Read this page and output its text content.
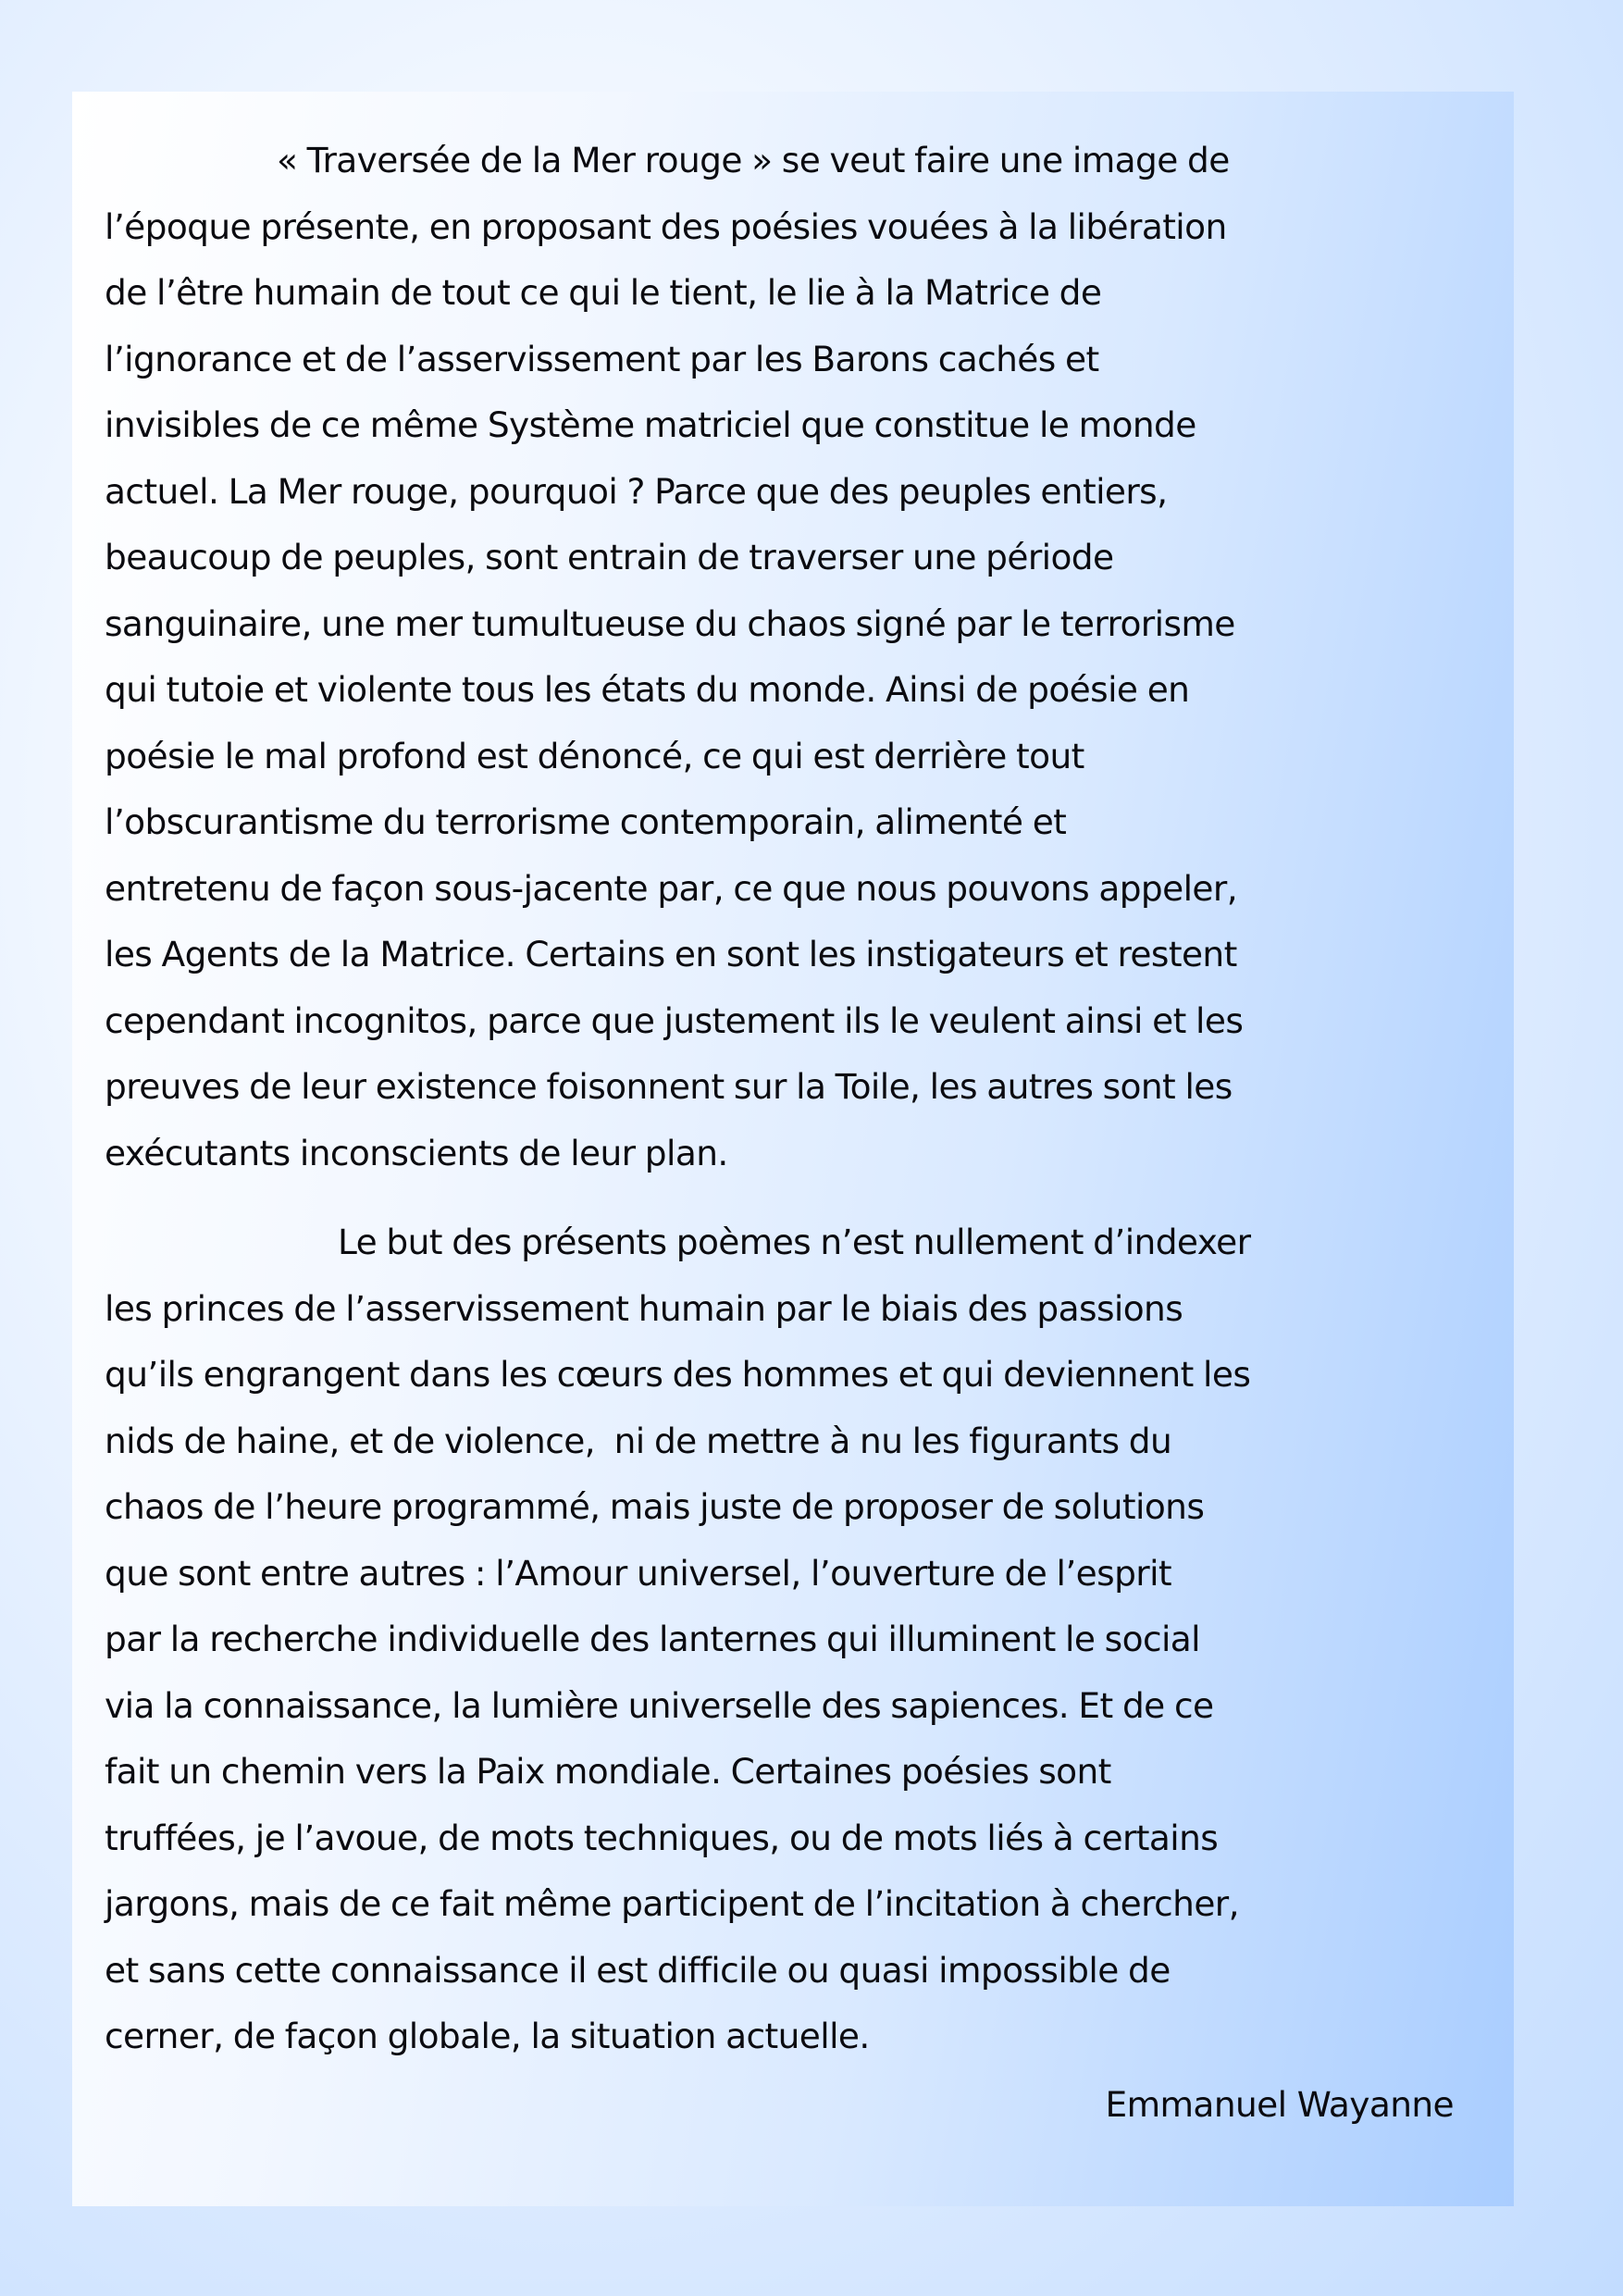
« Traversée de la Mer rouge » se veut faire une image de
l’époque présente, en proposant des poésies vouées à la libération
de l’être humain de tout ce qui le tient, le lie à la Matrice de
l’ignorance et de l’asservissement par les Barons cachés et
invisibles de ce même Système matriciel que constitue le monde
actuel. La Mer rouge, pourquoi ? Parce que des peuples entiers,
beaucoup de peuples, sont entrain de traverser une période
sanguinaire, une mer tumultueuse du chaos signé par le terrorisme
qui tutoie et violente tous les états du monde. Ainsi de poésie en
poésie le mal profond est dénoncé, ce qui est derrière tout
l’obscurantisme du terrorisme contemporain, alimenté et
entretenu de façon sous-jacente par, ce que nous pouvons appeler,
les Agents de la Matrice. Certains en sont les instigateurs et restent
cependant incognitos, parce que justement ils le veulent ainsi et les
preuves de leur existence foisonnent sur la Toile, les autres sont les
exécutants inconscients de leur plan.
Le but des présents poèmes n’est nullement d’indexer
les princes de l’asservissement humain par le biais des passions
qu’ils engrangent dans les cœurs des hommes et qui deviennent les
nids de haine, et de violence,  ni de mettre à nu les figurants du
chaos de l’heure programmé, mais juste de proposer de solutions
que sont entre autres : l’Amour universel, l’ouverture de l’esprit
par la recherche individuelle des lanternes qui illuminent le social
via la connaissance, la lumière universelle des sapiences. Et de ce
fait un chemin vers la Paix mondiale. Certaines poésies sont
truffées, je l’avoue, de mots techniques, ou de mots liés à certains
jargons, mais de ce fait même participent de l’incitation à chercher,
et sans cette connaissance il est difficile ou quasi impossible de
cerner, de façon globale, la situation actuelle.
Emmanuel Wayanne
